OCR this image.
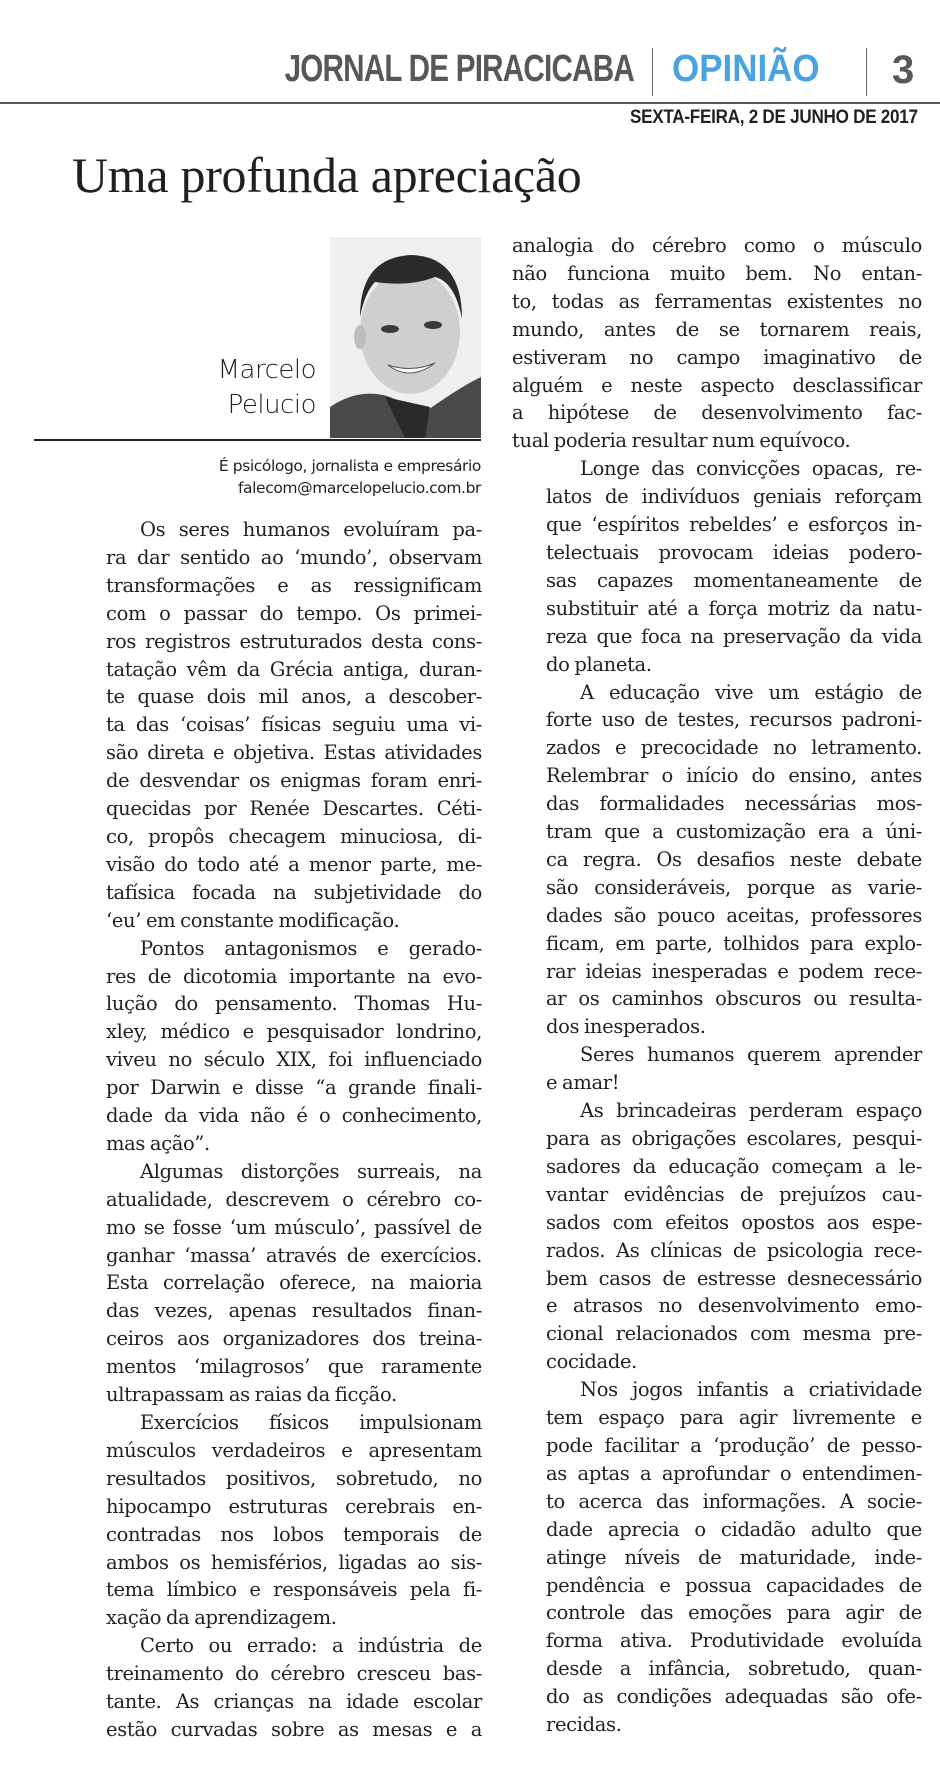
JORNAL DE PIRACICABA OPINIÃO 3
SEXTA-FEIRA, 2 DE JUNHO DE 2017
Uma profunda apreciação
Marcelo
Pelucio
É psicólogo, jornalista e empresário
falecom@marcelopelucio.com.br

Os seres humanos evoluíram pa-
ra dar sentido ao ‘mundo’, observam
transformações e as ressignificam
com o passar do tempo. Os primei-
ros registros estruturados desta cons-
tatação vêm da Grécia antiga, duran-
te quase dois mil anos, a descober-
ta das ‘coisas’ físicas seguiu uma vi-
são direta e objetiva. Estas atividades
de desvendar os enigmas foram enri-
quecidas por Renée Descartes. Céti-
co, propôs checagem minuciosa, di-
visão do todo até a menor parte, me-
tafísica focada na subjetividade do
‘eu’ em constante modificação.

Pontos antagonismos e gerado-
res de dicotomia importante na evo-
lução do pensamento. Thomas Hu-
xley, médico e pesquisador londrino,
viveu no século XIX, foi influenciado
por Darwin e disse “a grande finali-
dade da vida não é o conhecimento,
mas ação”.

Algumas distorções surreais, na
atualidade, descrevem o cérebro co-
mo se fosse ‘um músculo’, passível de
ganhar ‘massa’ através de exercícios.
Esta correlação oferece, na maioria
das vezes, apenas resultados finan-
ceiros aos organizadores dos treina-
mentos ‘milagrosos’ que raramente
ultrapassam as raias da ficção.

Exercícios físicos impulsionam
músculos verdadeiros e apresentam
resultados positivos, sobretudo, no
hipocampo estruturas cerebrais en-
contradas nos lobos temporais de
ambos os hemisférios, ligadas ao sis-
tema límbico e responsáveis pela fi-
xação da aprendizagem.

Certo ou errado: a indústria de
treinamento do cérebro cresceu bas-
tante. As crianças na idade escolar
estão curvadas sobre as mesas e a

analogia do cérebro como o músculo
não funciona muito bem. No entan-
to, todas as ferramentas existentes no
mundo, antes de se tornarem reais,
estiveram no campo imaginativo de
alguém e neste aspecto desclassificar
a hipótese de desenvolvimento fac-
tual poderia resultar num equívoco.

Longe das convicções opacas, re-
latos de indivíduos geniais reforçam
que ‘espíritos rebeldes’ e esforços in-
telectuais provocam ideias podero-
sas capazes momentaneamente de
substituir até a força motriz da natu-
reza que foca na preservação da vida
do planeta.

A educação vive um estágio de
forte uso de testes, recursos padroni-
zados e precocidade no letramento.
Relembrar o início do ensino, antes
das formalidades necessárias mos-
tram que a customização era a úni-
ca regra. Os desafios neste debate
são consideráveis, porque as varie-
dades são pouco aceitas, professores
ficam, em parte, tolhidos para explo-
rar ideias inesperadas e podem rece-
ar os caminhos obscuros ou resulta-
dos inesperados.

Seres humanos querem aprender
e amar!

As brincadeiras perderam espaço
para as obrigações escolares, pesqui-
sadores da educação começam a le-
vantar evidências de prejuízos cau-
sados com efeitos opostos aos espe-
rados. As clínicas de psicologia rece-
bem casos de estresse desnecessário
e atrasos no desenvolvimento emo-
cional relacionados com mesma pre-
cocidade.

Nos jogos infantis a criatividade
tem espaço para agir livremente e
pode facilitar a ‘produção’ de pesso-
as aptas a aprofundar o entendimen-
to acerca das informações. A socie-
dade aprecia o cidadão adulto que
atinge níveis de maturidade, inde-
pendência e possua capacidades de
controle das emoções para agir de
forma ativa. Produtividade evoluída
desde a infância, sobretudo, quan-
do as condições adequadas são ofe-
recidas.
